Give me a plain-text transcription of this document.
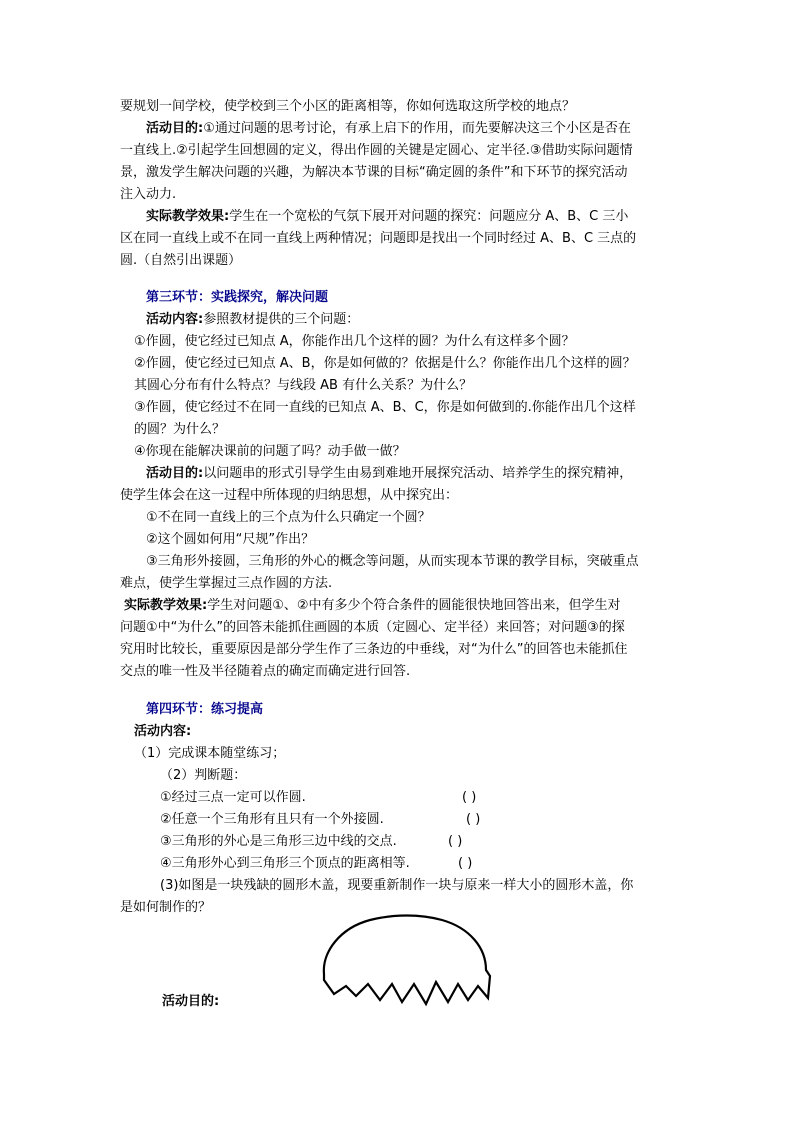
要规划一间学校，使学校到三个小区的距离相等，你如何选取这所学校的地点？
活动目的:①通过问题的思考讨论，有承上启下的作用，而先要解决这三个小区是否在
一直线上.②引起学生回想圆的定义，得出作圆的关键是定圆心、定半径.③借助实际问题情
景，激发学生解决问题的兴趣，为解决本节课的目标“确定圆的条件”和下环节的探究活动
注入动力.
实际教学效果:学生在一个宽松的气氛下展开对问题的探究：问题应分 A、B、C 三小
区在同一直线上或不在同一直线上两种情况；问题即是找出一个同时经过 A、B、C 三点的
圆.（自然引出课题）
第三环节：实践探究，解决问题
活动内容:参照教材提供的三个问题：
①作圆，使它经过已知点 A，你能作出几个这样的圆？为什么有这样多个圆？
②作圆，使它经过已知点 A、B，你是如何做的？依据是什么？你能作出几个这样的圆？
其圆心分布有什么特点？与线段 AB 有什么关系？为什么？
③作圆，使它经过不在同一直线的已知点 A、B、C，你是如何做到的.你能作出几个这样
的圆？为什么？
④你现在能解决课前的问题了吗？动手做一做？
活动目的:以问题串的形式引导学生由易到难地开展探究活动、培养学生的探究精神，
使学生体会在这一过程中所体现的归纳思想，从中探究出：
①不在同一直线上的三个点为什么只确定一个圆？
②这个圆如何用“尺规”作出？
③三角形外接圆，三角形的外心的概念等问题，从而实现本节课的教学目标，突破重点
难点，使学生掌握过三点作圆的方法.
实际教学效果:学生对问题①、②中有多少个符合条件的圆能很快地回答出来，但学生对
问题①中“为什么”的回答未能抓住画圆的本质（定圆心、定半径）来回答；对问题③的探
究用时比较长，重要原因是部分学生作了三条边的中垂线，对“为什么”的回答也未能抓住
交点的唯一性及半径随着点的确定而确定进行回答.
第四环节：练习提高
活动内容:
（1）完成课本随堂练习；
（2）判断题：
①经过三点一定可以作圆.	( )
②任意一个三角形有且只有一个外接圆.	( )
③三角形的外心是三角形三边中线的交点.	( )
④三角形外心到三角形三个顶点的距离相等.	( )
(3)如图是一块残缺的圆形木盖，现要重新制作一块与原来一样大小的圆形木盖，你
是如何制作的？
活动目的:
